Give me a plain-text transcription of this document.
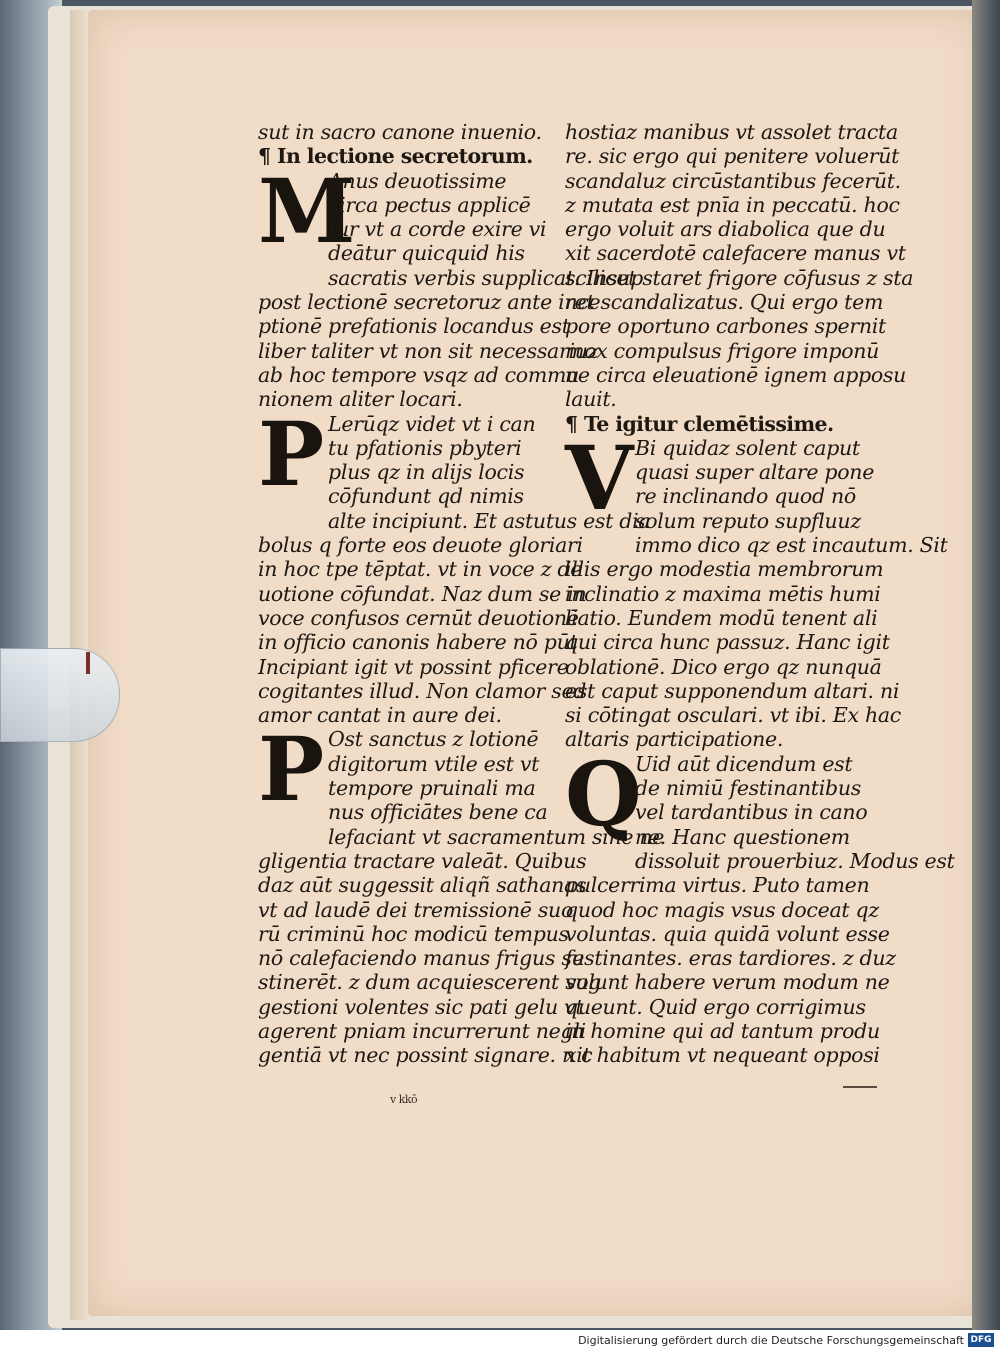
sut in sacro canone inuenio.
¶ In lectione secretorum.
M
Anus deuotissime
circa pectus applicē
tur vt a corde exire vi
deātur quicquid his
sacratis verbis supplicat. Insup
post lectionē secretoruz ante ince
ptionē prefationis locandus est
liber taliter vt non sit necessariuz
ab hoc tempore vsqz ad commu
nionem aliter locari.
P Lerūqz videt vt i can
tu pfationis pbyteri
plus qz in alijs locis
cōfundunt qd nimis
alte incipiunt. Et astutus est dia
bolus q forte eos deuote gloriari
in hoc tpe tēptat. vt in voce z de
uotione cōfundat. Naz dum se in
voce confusos cernūt deuotionē
in officio canonis habere nō pūt
Incipiant igit vt possint pficere
cogitantes illud. Non clamor sed
amor cantat in aure dei.
P Ost sanctus z lotionē
digitorum vtile est vt
tempore pruinali ma
nus officiātes bene ca
lefaciant vt sacramentum sine ne
gligentia tractare valeāt. Quibus
daz aūt suggessit aliqñ sathanas
vt ad laudē dei tremissionē suo
rū criminū hoc modicū tempus
nō calefaciendo manus frigus su
stinerēt. z dum acquiescerent sug
gestioni volentes sic pati gelu vt
agerent pniam incurrerunt negli
gentiā vt nec possint signare. n c
hostiaz manibus vt assolet tracta
re. sic ergo qui penitere voluerūt
scandaluz circūstantibus fecerūt.
z mutata est pnīa in peccatū. hoc
ergo voluit ars diabolica que du
xit sacerdotē calefacere manus vt
scilicet staret frigore cōfusus z sta
ret scandalizatus. Qui ergo tem
pore oportuno carbones spernit
mox compulsus frigore imponū
ne circa eleuationē ignem apposu
lauit.
¶ Te igitur clemētissime.
V Bi quidaz solent caput
quasi super altare pone
re inclinando quod nō
solum reputo supfluuz
immo dico qz est incautum. Sit
illis ergo modestia membrorum
inclinatio z maxima mētis humi
liatio. Eundem modū tenent ali
qui circa hunc passuz. Hanc igit
oblationē. Dico ergo qz nunquā
est caput supponendum altari. ni
si cōtingat osculari. vt ibi. Ex hac
altaris participatione.
Q
Uid aūt dicendum est
de nimiū festinantibus
vel tardantibus in cano
ne. Hanc questionem
dissoluit prouerbiuz. Modus est
pulcerrima virtus. Puto tamen
quod hoc magis vsus doceat qz
voluntas. quia quidā volunt esse
festinantes. eras tardiores. z duz
volunt habere verum modum ne
queunt. Quid ergo corrigimus
in homine qui ad tantum produ
xit habitum vt nequeant opposi
v kkō
Digitalisierung gefördert durch die Deutsche Forschungsgemeinschaft DFG
